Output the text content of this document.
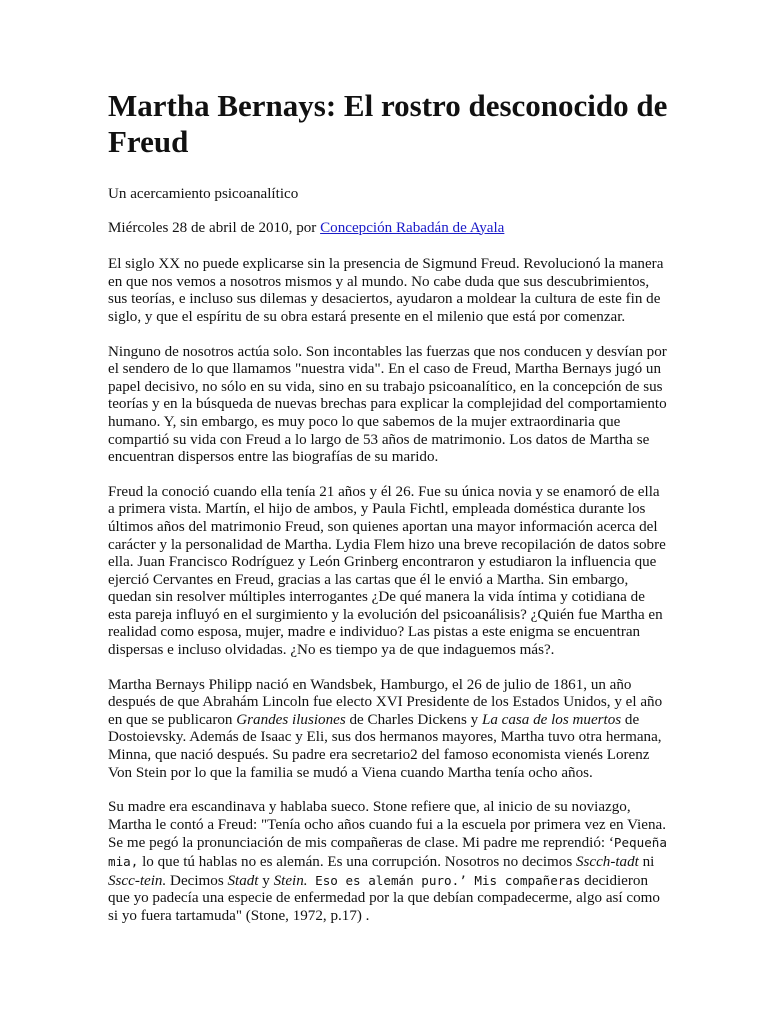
Martha Bernays: El rostro desconocido de Freud

Un acercamiento psicoanalítico

Miércoles 28 de abril de 2010, por Concepción Rabadán de Ayala

El siglo XX no puede explicarse sin la presencia de Sigmund Freud. Revolucionó la manera en que nos vemos a nosotros mismos y al mundo. No cabe duda que sus descubrimientos, sus teorías, e incluso sus dilemas y desaciertos, ayudaron a moldear la cultura de este fin de siglo, y que el espíritu de su obra estará presente en el milenio que está por comenzar.

Ninguno de nosotros actúa solo. Son incontables las fuerzas que nos conducen y desvían por el sendero de lo que llamamos "nuestra vida". En el caso de Freud, Martha Bernays jugó un papel decisivo, no sólo en su vida, sino en su trabajo psicoanalítico, en la concepción de sus teorías y en la búsqueda de nuevas brechas para explicar la complejidad del comportamiento humano. Y, sin embargo, es muy poco lo que sabemos de la mujer extraordinaria que compartió su vida con Freud a lo largo de 53 años de matrimonio. Los datos de Martha se encuentran dispersos entre las biografías de su marido.

Freud la conoció cuando ella tenía 21 años y él 26. Fue su única novia y se enamoró de ella a primera vista. Martín, el hijo de ambos, y Paula Fichtl, empleada doméstica durante los últimos años del matrimonio Freud, son quienes aportan una mayor información acerca del carácter y la personalidad de Martha. Lydia Flem hizo una breve recopilación de datos sobre ella. Juan Francisco Rodríguez y León Grinberg encontraron y estudiaron la influencia que ejerció Cervantes en Freud, gracias a las cartas que él le envió a Martha. Sin embargo, quedan sin resolver múltiples interrogantes ¿De qué manera la vida íntima y cotidiana de esta pareja influyó en el surgimiento y la evolución del psicoanálisis? ¿Quién fue Martha en realidad como esposa, mujer, madre e individuo? Las pistas a este enigma se encuentran dispersas e incluso olvidadas. ¿No es tiempo ya de que indaguemos más?.

Martha Bernays Philipp nació en Wandsbek, Hamburgo, el 26 de julio de 1861, un año después de que Abrahám Lincoln fue electo XVI Presidente de los Estados Unidos, y el año en que se publicaron Grandes ilusiones de Charles Dickens y La casa de los muertos de Dostoievsky. Además de Isaac y Eli, sus dos hermanos mayores, Martha tuvo otra hermana, Minna, que nació después. Su padre era secretario2 del famoso economista vienés Lorenz Von Stein por lo que la familia se mudó a Viena cuando Martha tenía ocho años.

Su madre era escandinava y hablaba sueco. Stone refiere que, al inicio de su noviazgo, Martha le contó a Freud: "Tenía ocho años cuando fui a la escuela por primera vez en Viena. Se me pegó la pronunciación de mis compañeras de clase. Mi padre me reprendió: ‘Pequeña mia, lo que tú hablas no es alemán. Es una corrupción. Nosotros no decimos Sscch-tadt ni Sscc-tein. Decimos Stadt y Stein. Eso es alemán puro.’ Mis compañeras decidieron que yo padecía una especie de enfermedad por la que debían compadecerme, algo así como si yo fuera tartamuda" (Stone, 1972, p.17) .
